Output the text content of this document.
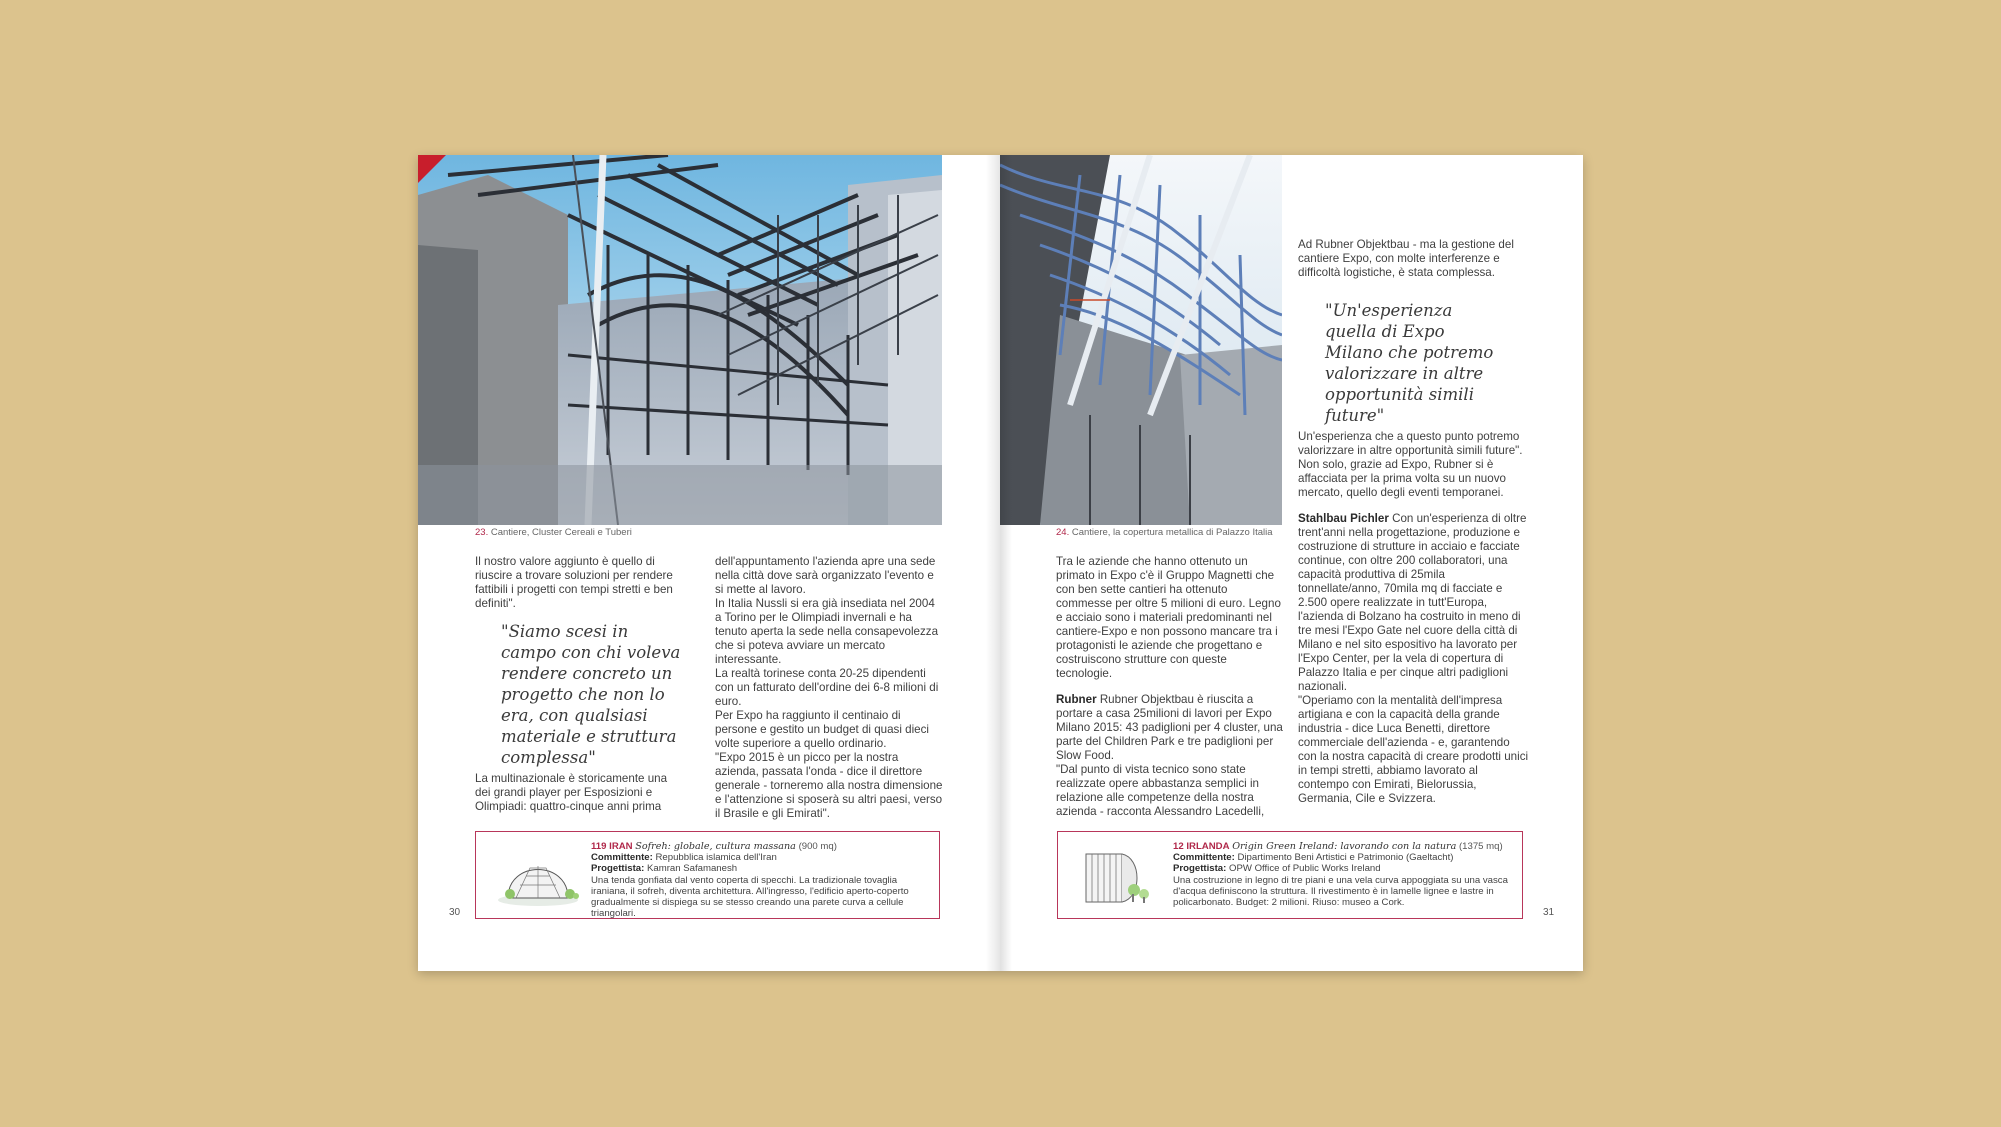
23. Cantiere, Cluster Cereali e Tuberi

Il nostro valore aggiunto è quello di riuscire a trovare soluzioni per rendere fattibili i progetti con tempi stretti e ben definiti".

"Siamo scesi in campo con chi voleva rendere concreto un progetto che non lo era, con qualsiasi materiale e struttura complessa"

La multinazionale è storicamente una dei grandi player per Esposizioni e Olimpiadi: quattro-cinque anni prima

dell'appuntamento l'azienda apre una sede nella città dove sarà organizzato l'evento e si mette al lavoro.

In Italia Nussli si era già insediata nel 2004 a Torino per le Olimpiadi invernali e ha tenuto aperta la sede nella consapevolezza che si poteva avviare un mercato interessante.

La realtà torinese conta 20-25 dipendenti con un fatturato dell'ordine dei 6-8 milioni di euro.

Per Expo ha raggiunto il centinaio di persone e gestito un budget di quasi dieci volte superiore a quello ordinario.

"Expo 2015 è un picco per la nostra azienda, passata l'onda - dice il direttore generale - torneremo alla nostra dimensione e l'attenzione si sposerà su altri paesi, verso il Brasile e gli Emirati".

119 IRAN Sofreh: globale, cultura massana (900 mq)
Committente: Repubblica islamica dell'Iran
Progettista: Kamran Safamanesh
Una tenda gonfiata dal vento coperta di specchi. La tradizionale tovaglia iraniana, il sofreh, diventa architettura. All'ingresso, l'edificio aperto-coperto gradualmente si dispiega su se stesso creando una parete curva a cellule triangolari.
30
24. Cantiere, la copertura metallica di Palazzo Italia

Tra le aziende che hanno ottenuto un primato in Expo c'è il Gruppo Magnetti che con ben sette cantieri ha ottenuto commesse per oltre 5 milioni di euro. Legno e acciaio sono i materiali predominanti nel cantiere-Expo e non possono mancare tra i protagonisti le aziende che progettano e costruiscono strutture con queste tecnologie.

Rubner Rubner Objektbau è riuscita a portare a casa 25milioni di lavori per Expo Milano 2015: 43 padiglioni per 4 cluster, una parte del Children Park e tre padiglioni per Slow Food.

"Dal punto di vista tecnico sono state realizzate opere abbastanza semplici in relazione alle competenze della nostra azienda - racconta Alessandro Lacedelli,

Ad Rubner Objektbau - ma la gestione del cantiere Expo, con molte interferenze e difficoltà logistiche, è stata complessa.

"Un'esperienza quella di Expo Milano che potremo valorizzare in altre opportunità simili future"

Un'esperienza che a questo punto potremo valorizzare in altre opportunità simili future". Non solo, grazie ad Expo, Rubner si è affacciata per la prima volta su un nuovo mercato, quello degli eventi temporanei.

Stahlbau Pichler Con un'esperienza di oltre trent'anni nella progettazione, produzione e costruzione di strutture in acciaio e facciate continue, con oltre 200 collaboratori, una capacità produttiva di 25mila tonnellate/anno, 70mila mq di facciate e 2.500 opere realizzate in tutt'Europa, l'azienda di Bolzano ha costruito in meno di tre mesi l'Expo Gate nel cuore della città di Milano e nel sito espositivo ha lavorato per l'Expo Center, per la vela di copertura di Palazzo Italia e per cinque altri padiglioni nazionali.

"Operiamo con la mentalità dell'impresa artigiana e con la capacità della grande industria - dice Luca Benetti, direttore commerciale dell'azienda - e, garantendo con la nostra capacità di creare prodotti unici in tempi stretti, abbiamo lavorato al contempo con Emirati, Bielorussia, Germania, Cile e Svizzera.

12 IRLANDA Origin Green Ireland: lavorando con la natura (1375 mq)
Committente: Dipartimento Beni Artistici e Patrimonio (Gaeltacht)
Progettista: OPW Office of Public Works Ireland
Una costruzione in legno di tre piani e una vela curva appoggiata su una vasca d'acqua definiscono la struttura. Il rivestimento è in lamelle lignee e lastre in policarbonato. Budget: 2 milioni. Riuso: museo a Cork.
31
